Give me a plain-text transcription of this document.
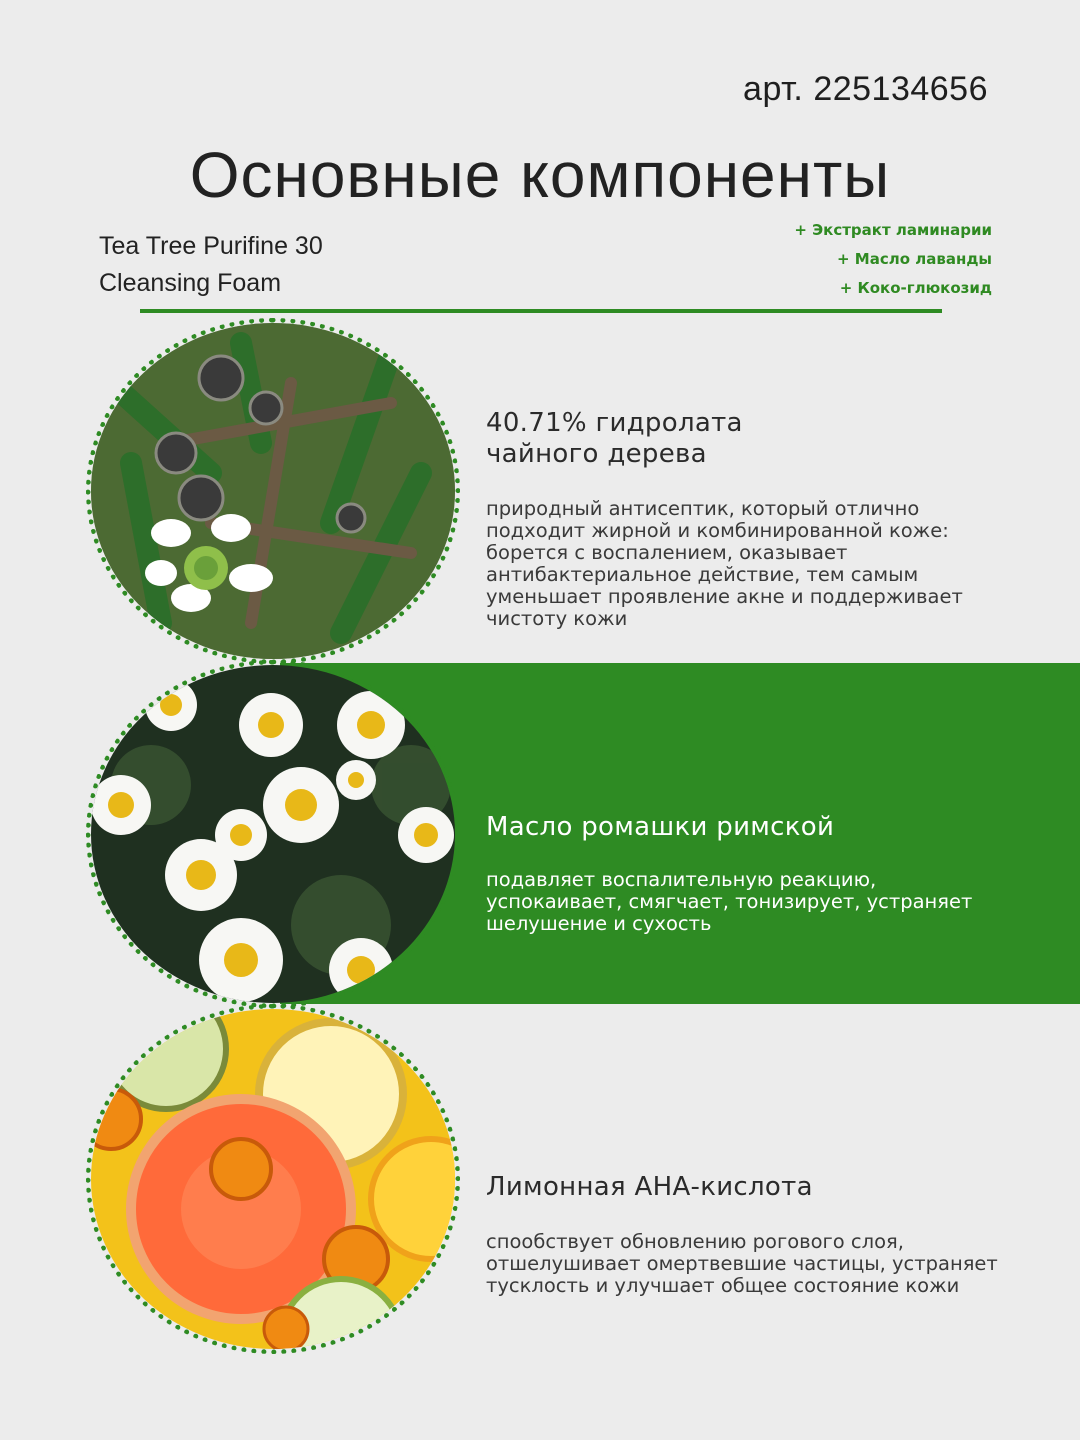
арт. 225134656
Основные компоненты
Tea Tree Purifine 30
Cleansing Foam
+ Экстракт ламинарии
+ Масло лаванды
+ Коко-глюкозид
40.71% гидролата
чайного дерева

природный антисептик, который отлично подходит жирной и комбинированной коже: борется с воспалением, оказывает антибактериальное действие, тем самым уменьшает проявление акне и поддерживает чистоту кожи

Масло ромашки римской

подавляет воспалительную реакцию, успокаивает, смягчает, тонизирует, устраняет шелушение и сухость

Лимонная АНА-кислота

спообствует обновлению рогового слоя, отшелушивает омертвевшие частицы, устраняет тусклость и улучшает общее состояние кожи
